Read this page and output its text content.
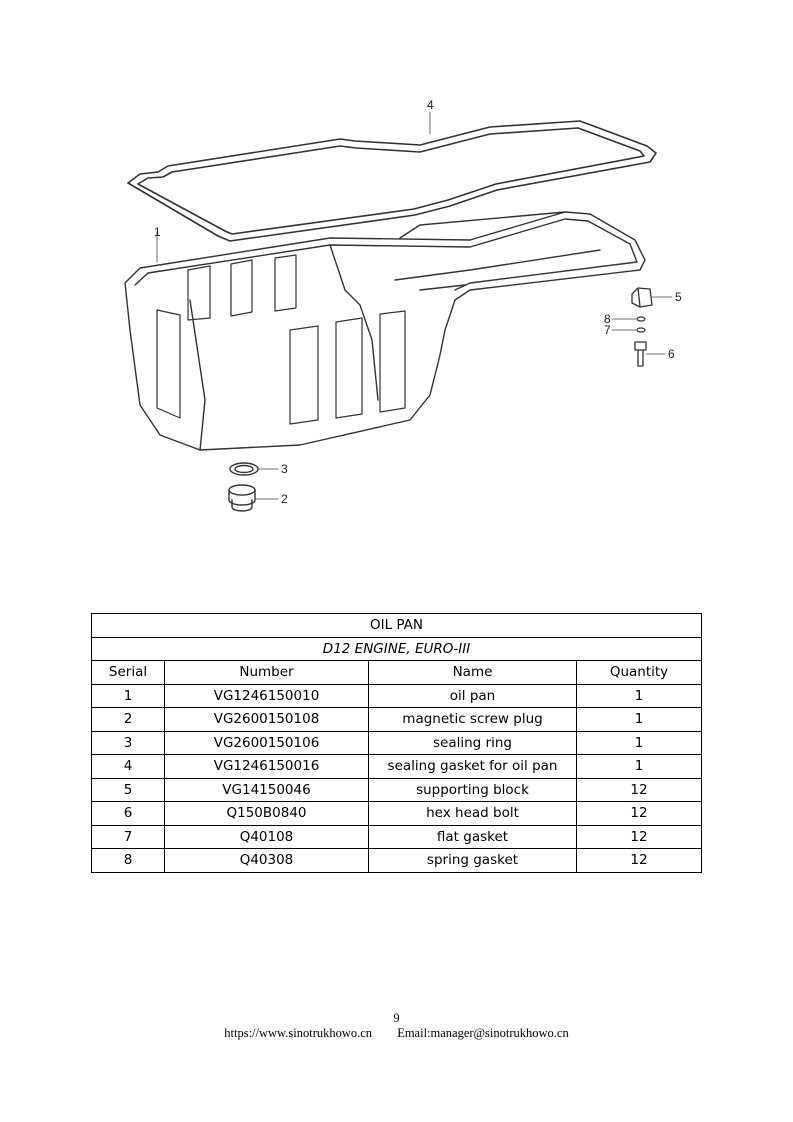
4
1
5
8
7
6
3
2
OIL PAN			
D12 ENGINE, EURO-III			
Serial	Number	Name	Quantity
1	VG1246150010	oil pan	1
2	VG2600150108	magnetic screw plug	1
3	VG2600150106	sealing ring	1
4	VG1246150016	sealing gasket for oil pan	1
5	VG14150046	supporting block	12
6	Q150B0840	hex head bolt	12
7	Q40108	flat gasket	12
8	Q40308	spring gasket	12
9
https://www.sinotrukhowo.cn Email:manager@sinotrukhowo.cn
